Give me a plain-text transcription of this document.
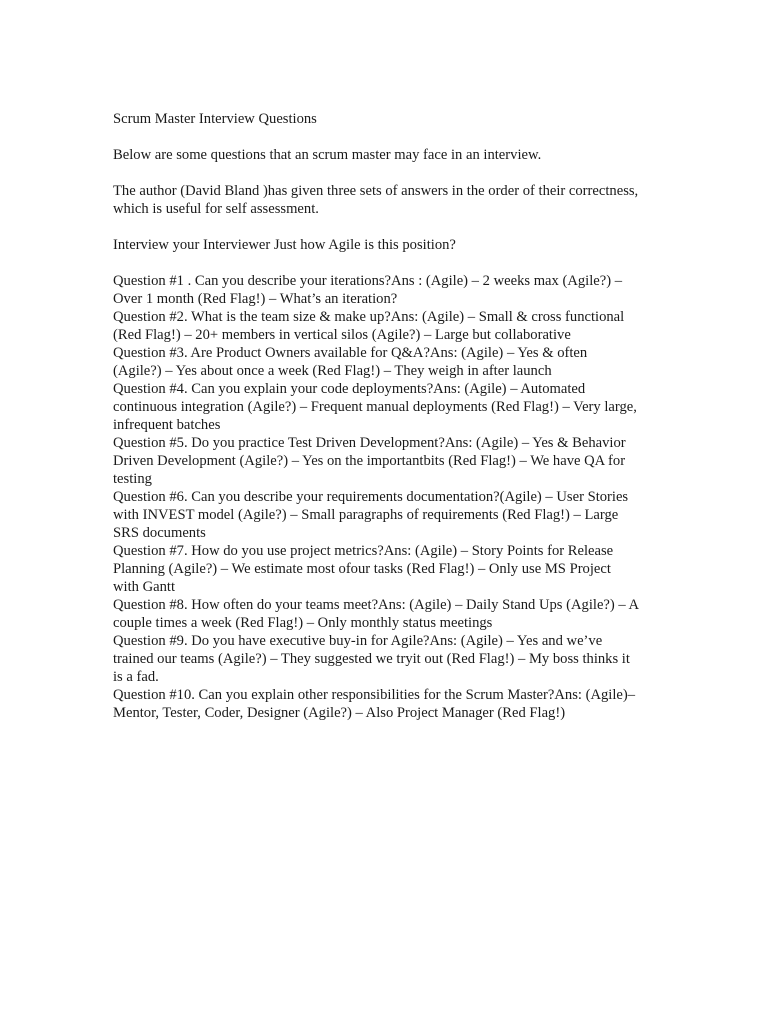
Scrum Master Interview Questions

Below are some questions that an scrum master may face in an interview.

The author (David Bland )has given three sets of answers in the order of their correctness,
which is useful for self assessment.

Interview your Interviewer Just how Agile is this position?

Question #1 . Can you describe your iterations?Ans : (Agile) – 2 weeks max (Agile?) –
Over 1 month (Red Flag!) – What’s an iteration?
Question #2. What is the team size & make up?Ans: (Agile) – Small & cross functional
(Red Flag!) – 20+ members in vertical silos (Agile?) – Large but collaborative
Question #3. Are Product Owners available for Q&A?Ans: (Agile) – Yes & often
(Agile?) – Yes about once a week (Red Flag!) – They weigh in after launch
Question #4. Can you explain your code deployments?Ans: (Agile) – Automated
continuous integration (Agile?) – Frequent manual deployments (Red Flag!) – Very large,
infrequent batches
Question #5. Do you practice Test Driven Development?Ans: (Agile) – Yes & Behavior
Driven Development (Agile?) – Yes on the importantbits (Red Flag!) – We have QA for
testing
Question #6. Can you describe your requirements documentation?(Agile) – User Stories
with INVEST model (Agile?) – Small paragraphs of requirements (Red Flag!) – Large
SRS documents
Question #7. How do you use project metrics?Ans: (Agile) – Story Points for Release
Planning (Agile?) – We estimate most ofour tasks (Red Flag!) – Only use MS Project
with Gantt
Question #8. How often do your teams meet?Ans: (Agile) – Daily Stand Ups (Agile?) – A
couple times a week (Red Flag!) – Only monthly status meetings
Question #9. Do you have executive buy-in for Agile?Ans: (Agile) – Yes and we’ve
trained our teams (Agile?) – They suggested we tryit out (Red Flag!) – My boss thinks it
is a fad.
Question #10. Can you explain other responsibilities for the Scrum Master?Ans: (Agile)–
Mentor, Tester, Coder, Designer (Agile?) – Also Project Manager (Red Flag!)
